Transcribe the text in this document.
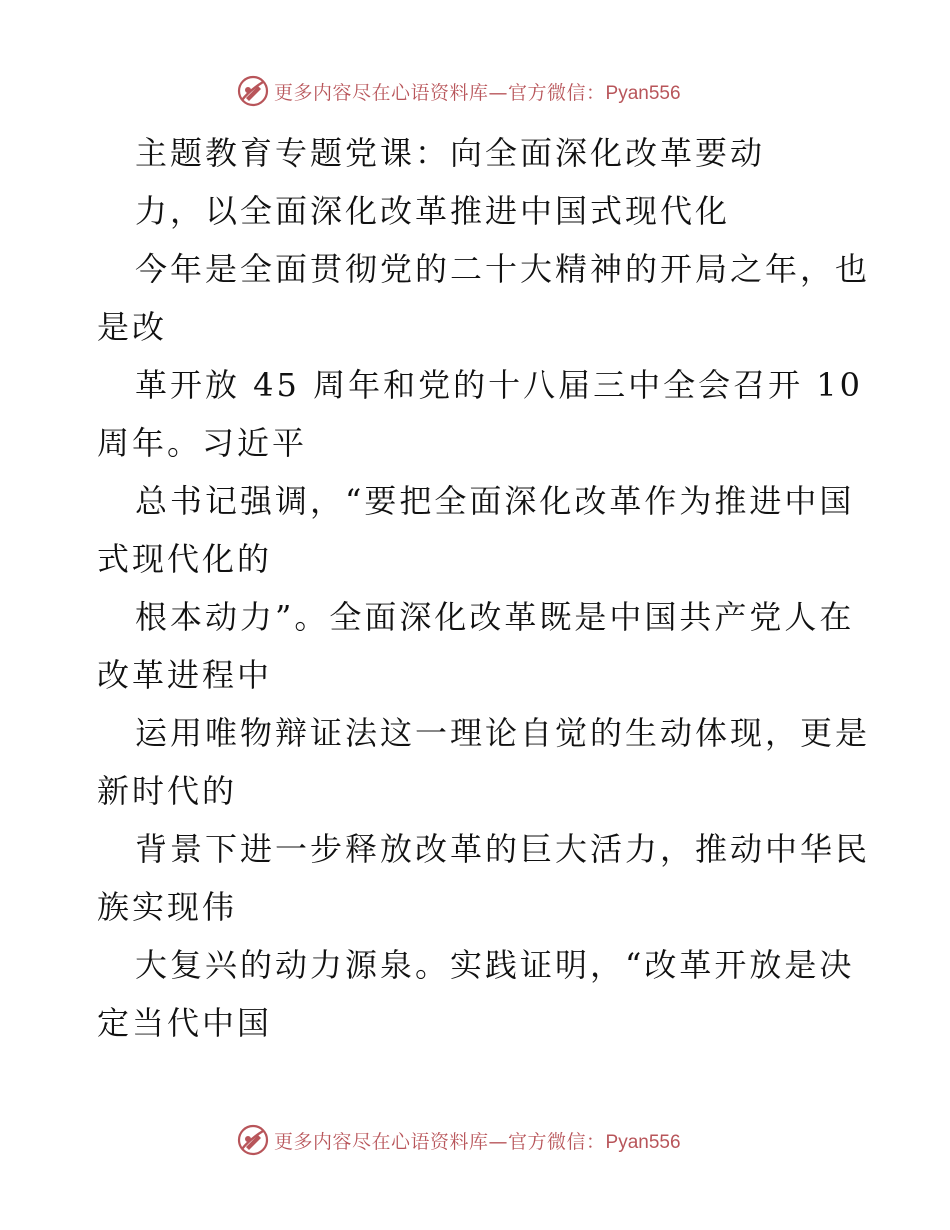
更多内容尽在心语资料库—官方微信：Pyan556
主题教育专题党课：向全面深化改革要动
力，以全面深化改革推进中国式现代化
今年是全面贯彻党的二十大精神的开局之年，也
是改
革开放 45 周年和党的十八届三中全会召开 10
周年。习近平
总书记强调，“要把全面深化改革作为推进中国
式现代化的
根本动力”。全面深化改革既是中国共产党人在
改革进程中
运用唯物辩证法这一理论自觉的生动体现，更是
新时代的
背景下进一步释放改革的巨大活力，推动中华民
族实现伟
大复兴的动力源泉。实践证明，“改革开放是决
定当代中国
更多内容尽在心语资料库—官方微信：Pyan556
